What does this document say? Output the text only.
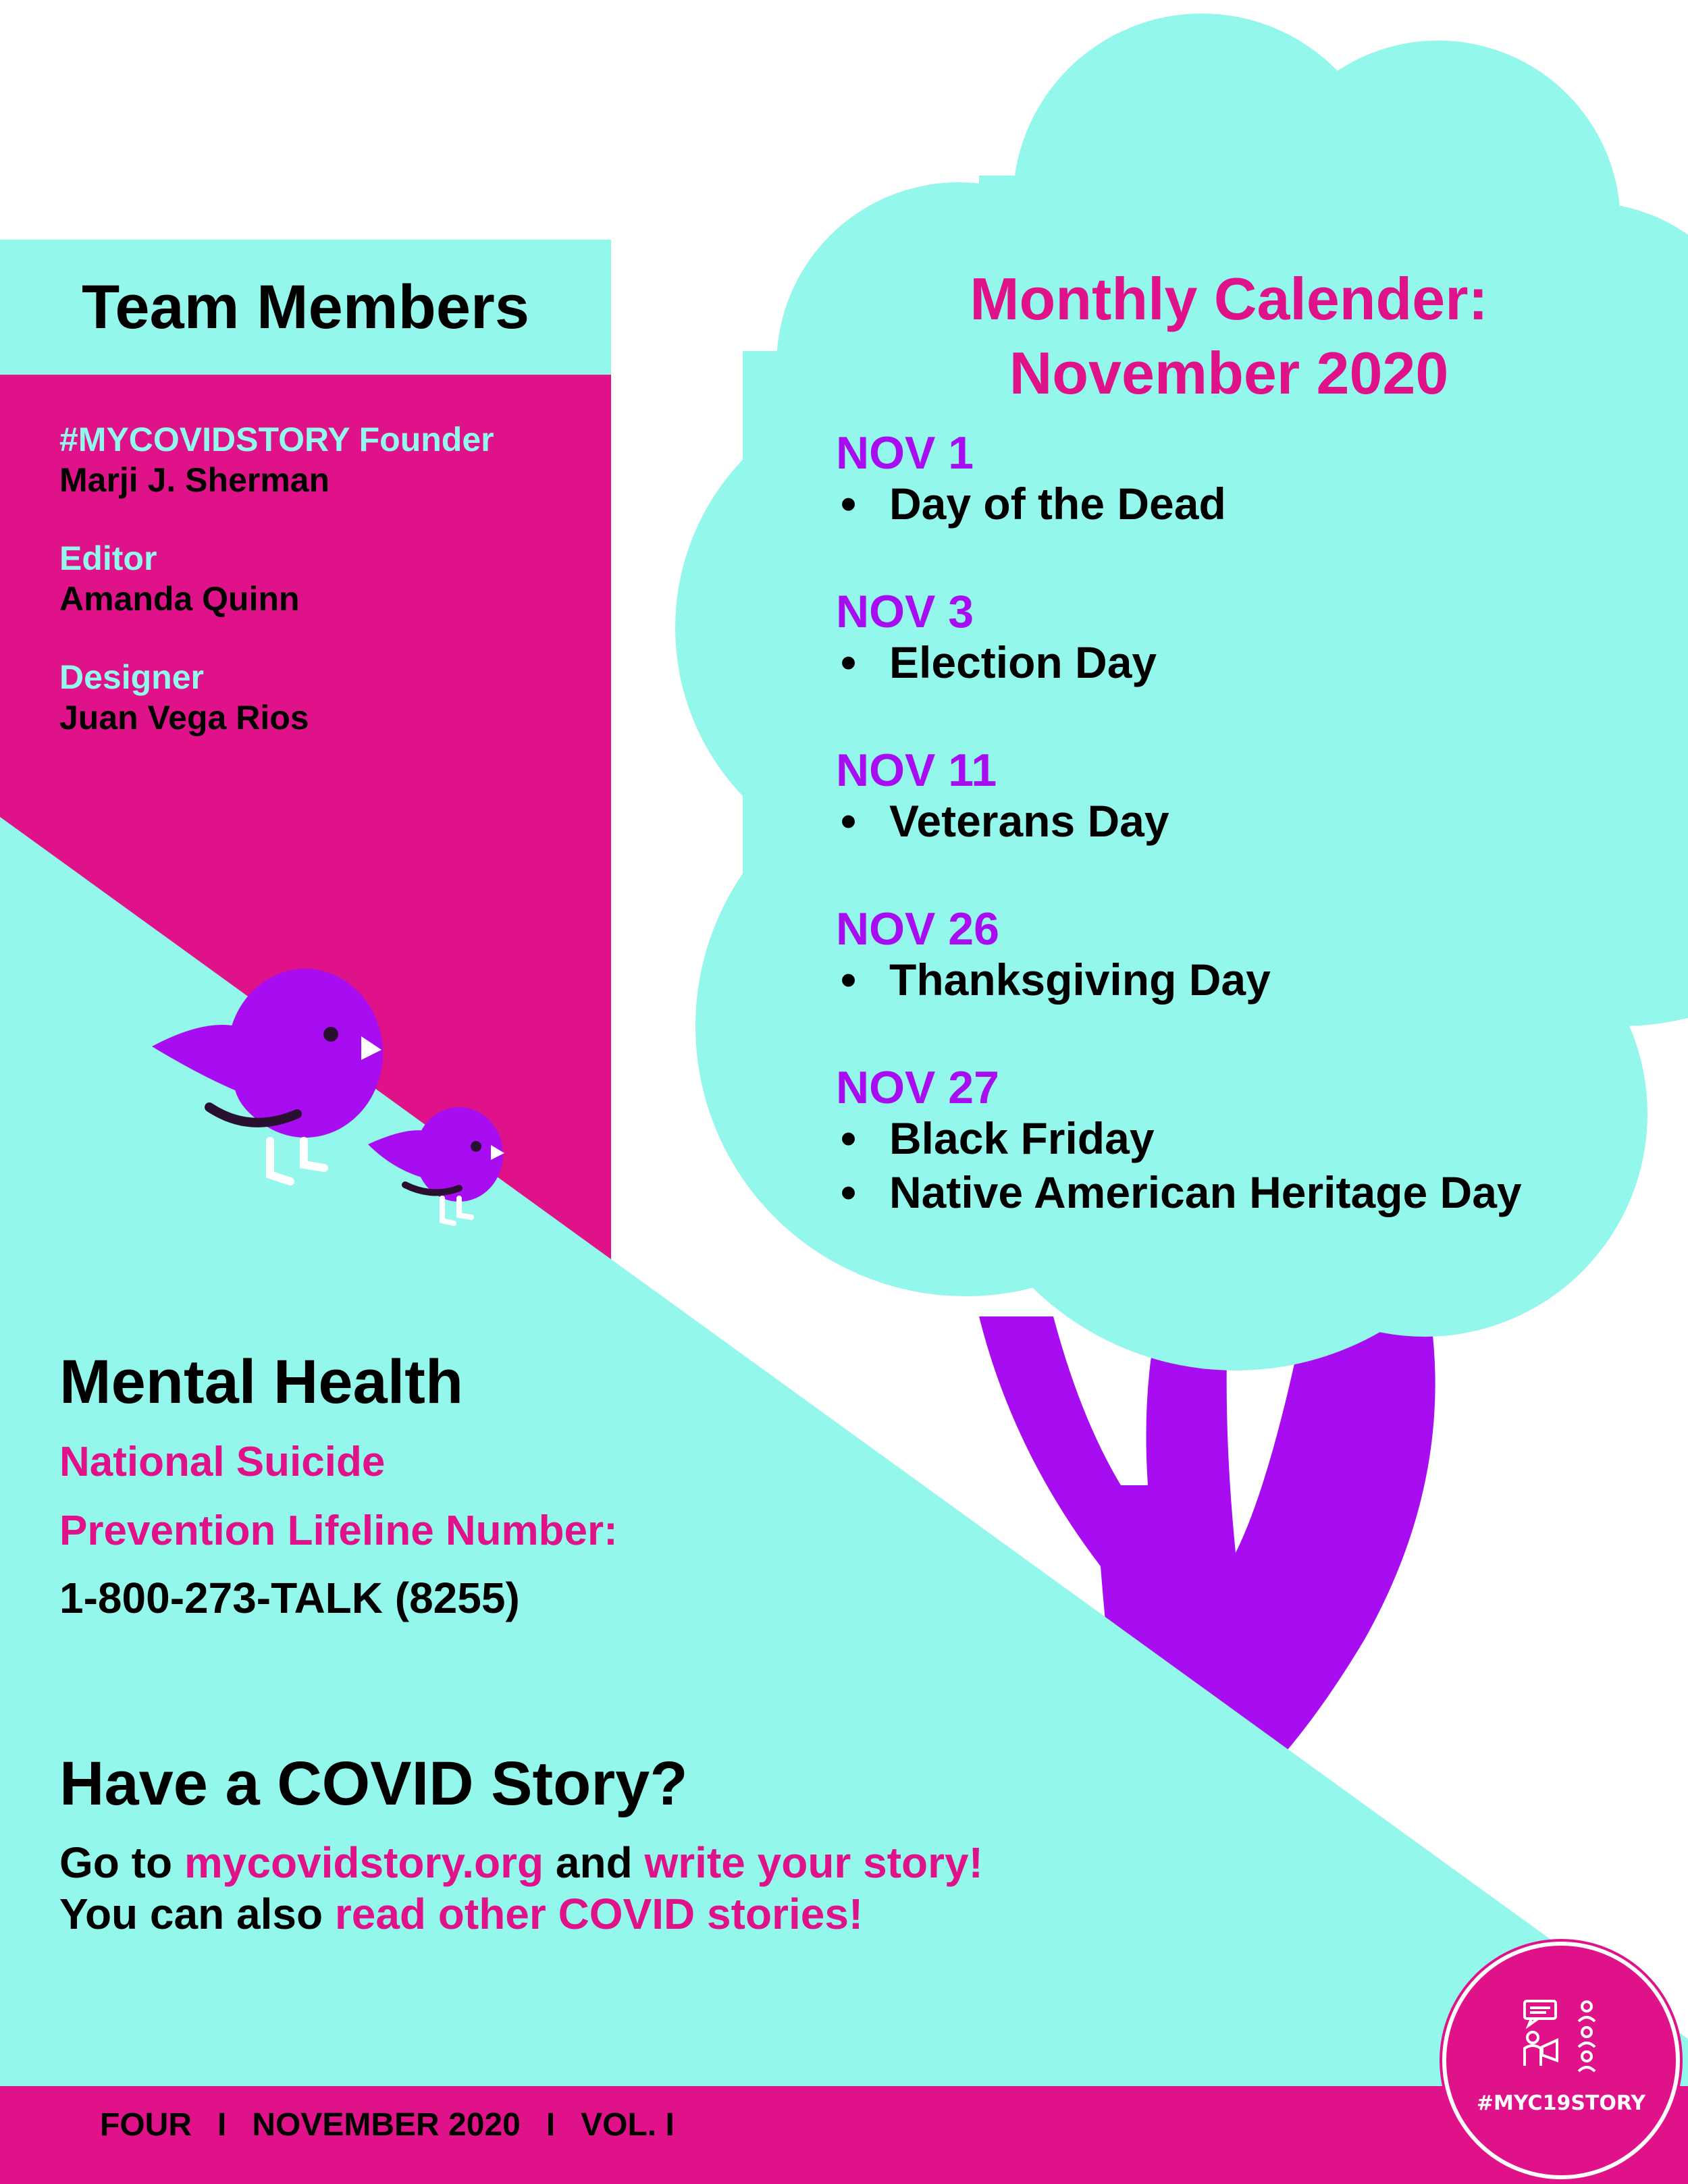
Team Members
#MYCOVIDSTORY Founder
Marji J. Sherman
Editor
Amanda Quinn
Designer
Juan Vega Rios
Monthly Calender:
November 2020
NOV 1
• Day of the Dead
NOV 3
• Election Day
NOV 11
• Veterans Day
NOV 26
• Thanksgiving Day
NOV 27
• Black Friday
• Native American Heritage Day
Mental Health
National Suicide
Prevention Lifeline Number:
1-800-273-TALK (8255)
Have a COVID Story?
Go to mycovidstory.org and write your story!
You can also read other COVID stories!
FOUR I NOVEMBER 2020 I VOL. I
#MYC19STORY
